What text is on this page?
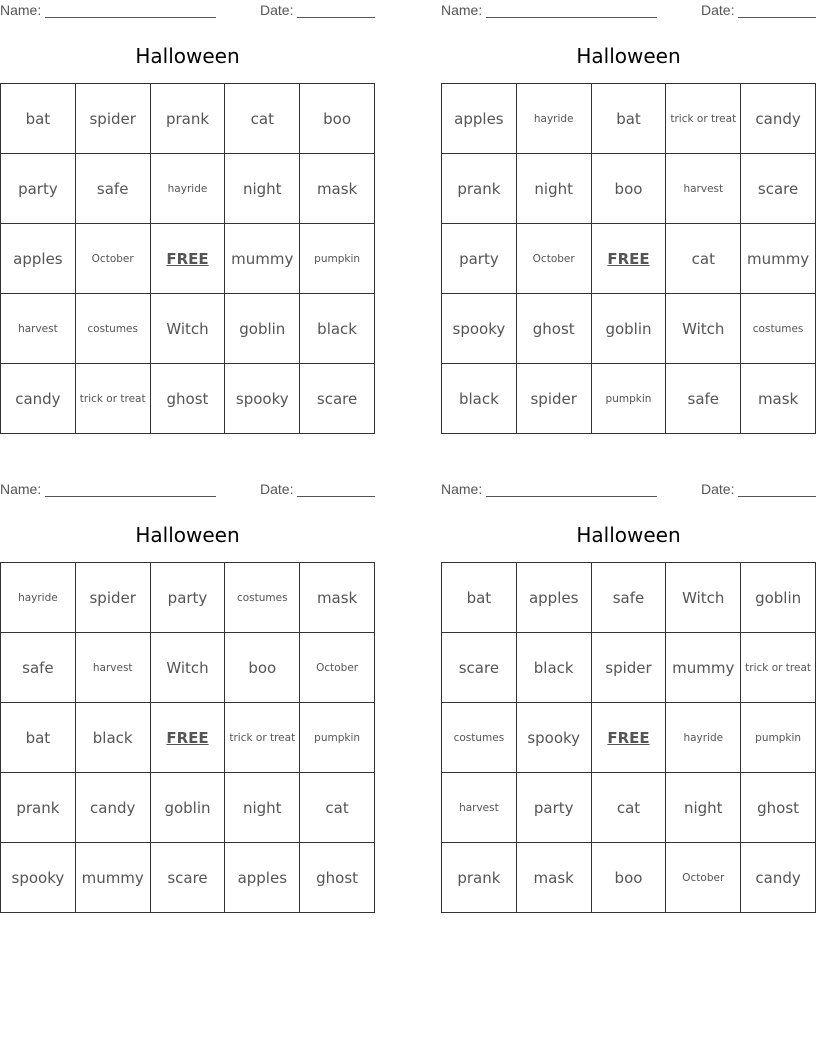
Name:	Date:
Halloween
bat	spider	prank	cat	boo
party	safe	hayride	night	mask
apples	October	FREE	mummy	pumpkin
harvest	costumes	Witch	goblin	black
candy	trick or treat	ghost	spooky	scare
Name:	Date:
Halloween
apples	hayride	bat	trick or treat	candy
prank	night	boo	harvest	scare
party	October	FREE	cat	mummy
spooky	ghost	goblin	Witch	costumes
black	spider	pumpkin	safe	mask
Name:	Date:
Halloween
hayride	spider	party	costumes	mask
safe	harvest	Witch	boo	October
bat	black	FREE	trick or treat	pumpkin
prank	candy	goblin	night	cat
spooky	mummy	scare	apples	ghost
Name:	Date:
Halloween
bat	apples	safe	Witch	goblin
scare	black	spider	mummy	trick or treat
costumes	spooky	FREE	hayride	pumpkin
harvest	party	cat	night	ghost
prank	mask	boo	October	candy
